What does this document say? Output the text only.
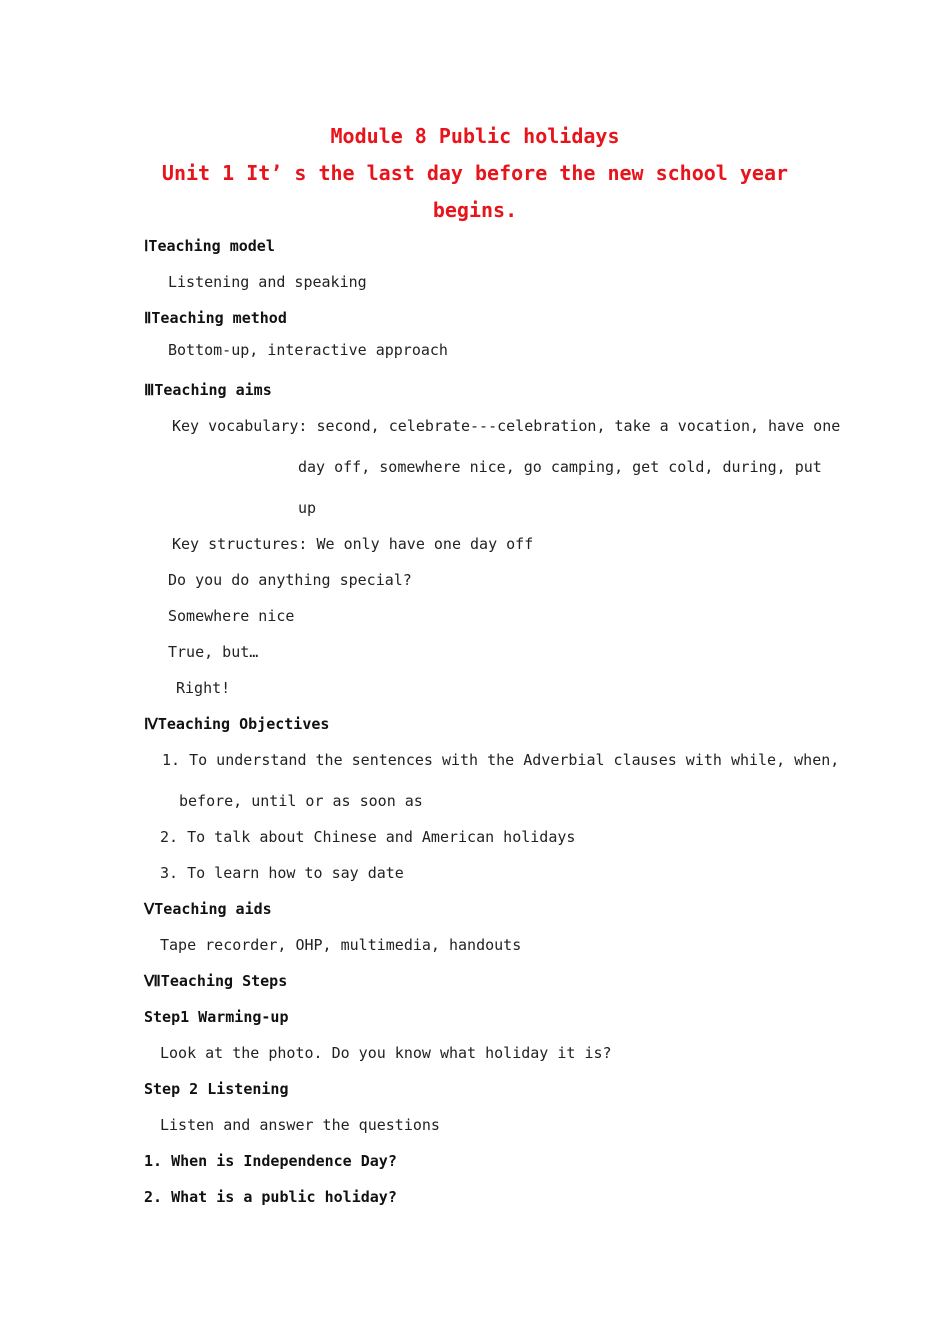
Module 8 Public holidays
Unit 1 It’ s the last day before the new school year
begins.
ⅠTeaching model
Listening and speaking
ⅡTeaching method
Bottom-up, interactive approach
ⅢTeaching aims
Key vocabulary: second, celebrate---celebration, take a vocation, have one
day off, somewhere nice, go camping, get cold, during, put
up
Key structures: We only have one day off
Do you do anything special?
Somewhere nice
True, but…
Right!
ⅣTeaching Objectives
1. To understand the sentences with the Adverbial clauses with while, when,
before, until or as soon as
2. To talk about Chinese and American holidays
3. To learn how to say date
ⅤTeaching aids
Tape recorder, OHP, multimedia, handouts
ⅦTeaching Steps
Step1 Warming-up
Look at the photo. Do you know what holiday it is?
Step 2 Listening
Listen and answer the questions
1. When is Independence Day?
2. What is a public holiday?
